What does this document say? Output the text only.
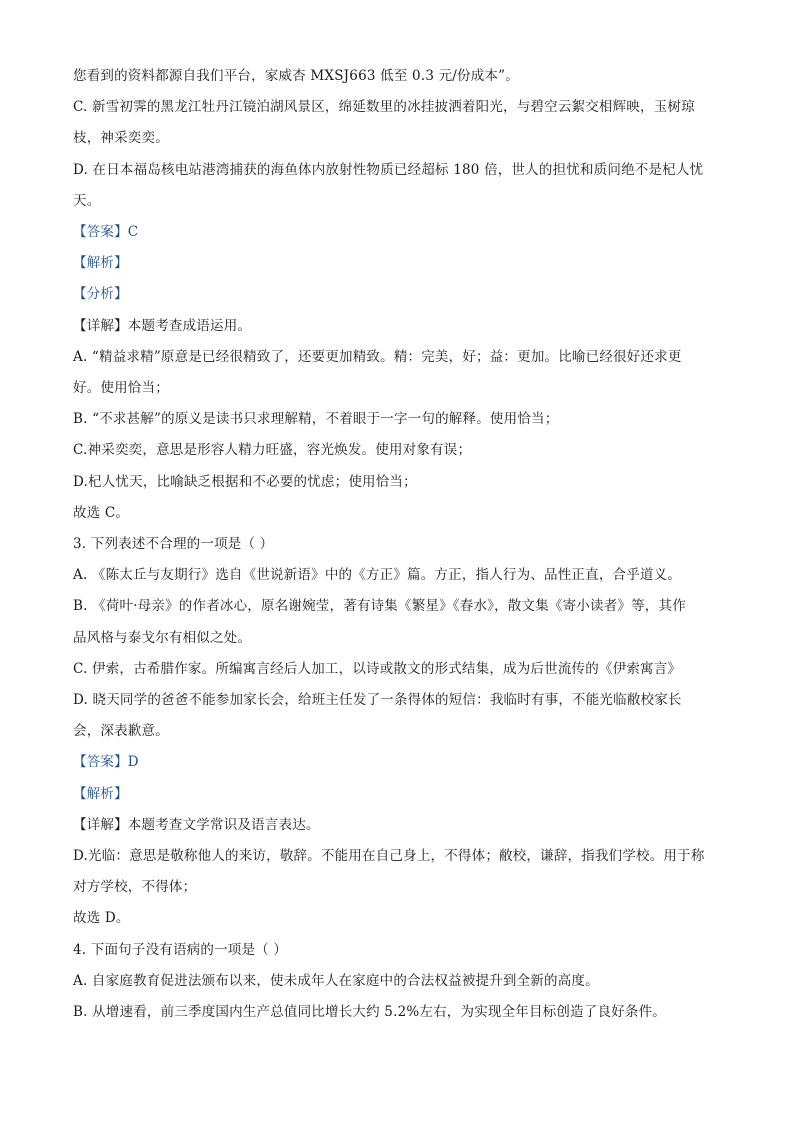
您看到的资料都源自我们平台，家威杏 MXSJ663 低至 0.3 元/份成本”。
C. 新雪初霁的黑龙江牡丹江镜泊湖风景区，绵延数里的冰挂披洒着阳光，与碧空云絮交相辉映，玉树琼
枝，神采奕奕。
D. 在日本福岛核电站港湾捕获的海鱼体内放射性物质已经超标 180 倍，世人的担忧和质问绝不是杞人忧
天。
【答案】C
【解析】
【分析】
【详解】本题考查成语运用。
A. “精益求精”原意是已经很精致了，还要更加精致。精：完美，好；益：更加。比喻已经很好还求更
好。使用恰当；
B. “不求甚解”的原义是读书只求理解精，不着眼于一字一句的解释。使用恰当；
C.神采奕奕，意思是形容人精力旺盛，容光焕发。使用对象有误；
D.杞人忧天，比喻缺乏根据和不必要的忧虑；使用恰当；
故选 C。
3. 下列表述不合理的一项是（ ）
A. 《陈太丘与友期行》选自《世说新语》中的《方正》篇。方正，指人行为、品性正直，合乎道义。
B. 《荷叶·母亲》的作者冰心，原名谢婉莹，著有诗集《繁星》《春水》，散文集《寄小读者》等，其作
品风格与泰戈尔有相似之处。
C. 伊索，古希腊作家。所编寓言经后人加工，以诗或散文的形式结集，成为后世流传的《伊索寓言》
D. 晓天同学的爸爸不能参加家长会，给班主任发了一条得体的短信：我临时有事，不能光临敝校家长
会，深表歉意。
【答案】D
【解析】
【详解】本题考查文学常识及语言表达。
D.光临：意思是敬称他人的来访，敬辞。不能用在自己身上，不得体；敝校，谦辞，指我们学校。用于称
对方学校，不得体；
故选 D。
4. 下面句子没有语病的一项是（ ）
A. 自家庭教育促进法颁布以来，使未成年人在家庭中的合法权益被提升到全新的高度。
B. 从增速看，前三季度国内生产总值同比增长大约 5.2%左右，为实现全年目标创造了良好条件。
